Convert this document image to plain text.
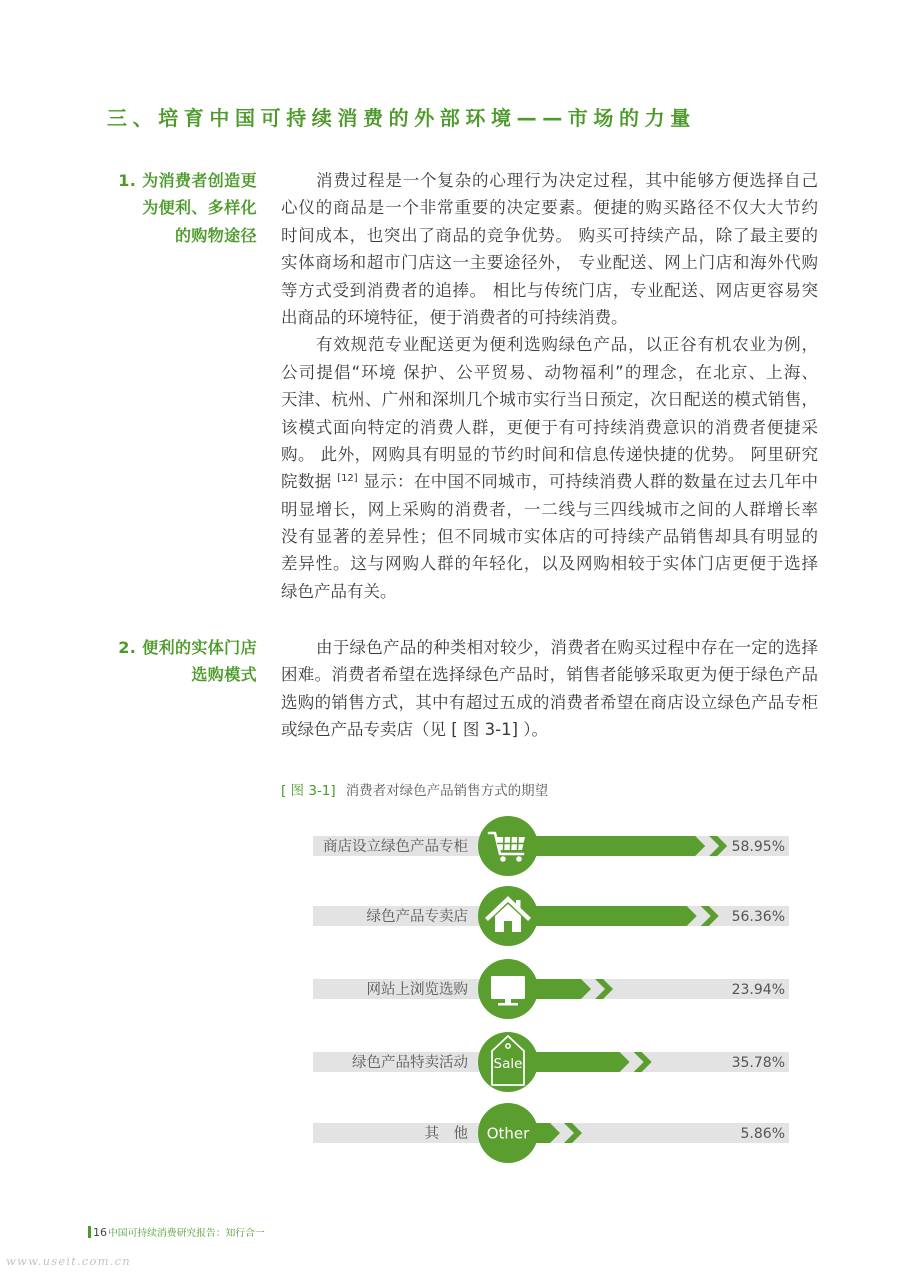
三、培育中国可持续消费的外部环境——市场的力量
1. 为消费者创造更
为便利、多样化
的购物途径
消费过程是一个复杂的心理行为决定过程，其中能够方便选择自己
心仪的商品是一个非常重要的决定要素。便捷的购买路径不仅大大节约
时间成本，也突出了商品的竞争优势。 购买可持续产品，除了最主要的
实体商场和超市门店这一主要途径外， 专业配送、网上门店和海外代购
等方式受到消费者的追捧。 相比与传统门店，专业配送、网店更容易突
出商品的环境特征，便于消费者的可持续消费。
有效规范专业配送更为便利选购绿色产品，以正谷有机农业为例，
公司提倡“环境 保护、公平贸易、动物福利”的理念，在北京、上海、
天津、杭州、广州和深圳几个城市实行当日预定，次日配送的模式销售，
该模式面向特定的消费人群，更便于有可持续消费意识的消费者便捷采
购。 此外，网购具有明显的节约时间和信息传递快捷的优势。 阿里研究
院数据 [12] 显示：在中国不同城市，可持续消费人群的数量在过去几年中
明显增长，网上采购的消费者，一二线与三四线城市之间的人群增长率
没有显著的差异性；但不同城市实体店的可持续产品销售却具有明显的
差异性。这与网购人群的年轻化，以及网购相较于实体门店更便于选择
绿色产品有关。
2. 便利的实体门店
选购模式
由于绿色产品的种类相对较少，消费者在购买过程中存在一定的选择
困难。消费者希望在选择绿色产品时，销售者能够采取更为便于绿色产品
选购的销售方式，其中有超过五成的消费者希望在商店设立绿色产品专柜
或绿色产品专卖店（见 [ 图 3-1] ）。
[ 图 3-1] 消费者对绿色产品销售方式的期望
商店设立绿色产品专柜	58.95%
绿色产品专卖店	56.36%
网站上浏览选购	23.94%
Sale
绿色产品特卖活动	35.78%
Other
其　他	5.86%
16 中国可持续消费研究报告：知行合一
www.useit.com.cn
